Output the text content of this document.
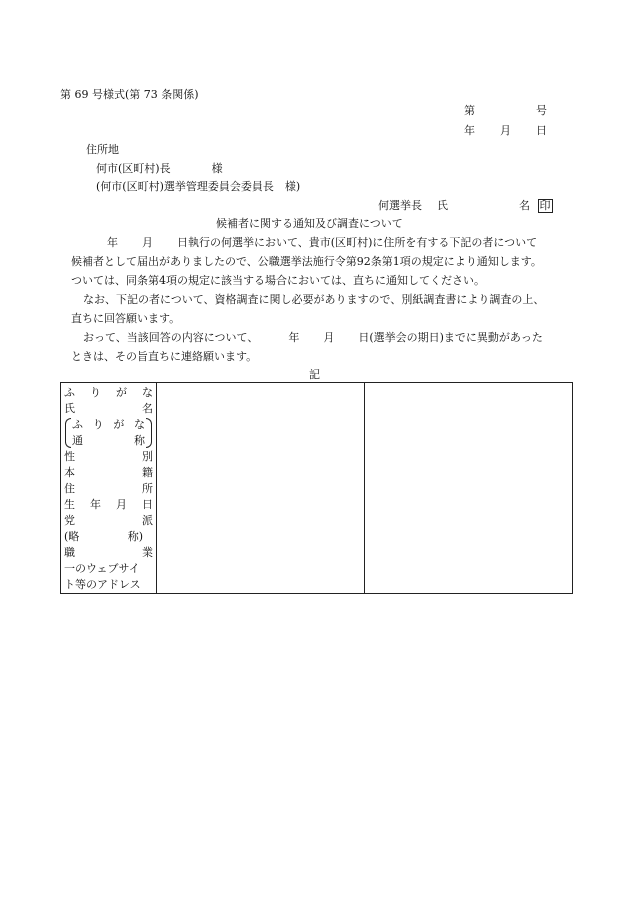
第 69 号様式(第 73 条関係)
第	号
年 月 日
住所地
何市(区町村)長	様
(何市(区町村)選挙管理委員会委員長　様)
何選挙長 氏	名 印
候補者に関する通知及び調査について
年 月 日執行の何選挙において、貴市(区町村)に住所を有する下記の者について
候補者として届出がありましたので、公職選挙法施行令第92条第1項の規定により通知します。
ついては、同条第4項の規定に該当する場合においては、直ちに通知してください。
なお、下記の者について、資格調査に関し必要がありますので、別紙調査書により調査の上、
直ちに回答願います。
おって、当該回答の内容について、	年 月 日(選挙会の期日)までに異動があった
ときは、その旨直ちに連絡願います。
記
ふ り が な
氏	名
ふ り が な
通	称
性	別
本	籍
住	所
生 年 月 日
党	派
(略	称)
職	業
一のウェブサイ
ト等のアドレス
